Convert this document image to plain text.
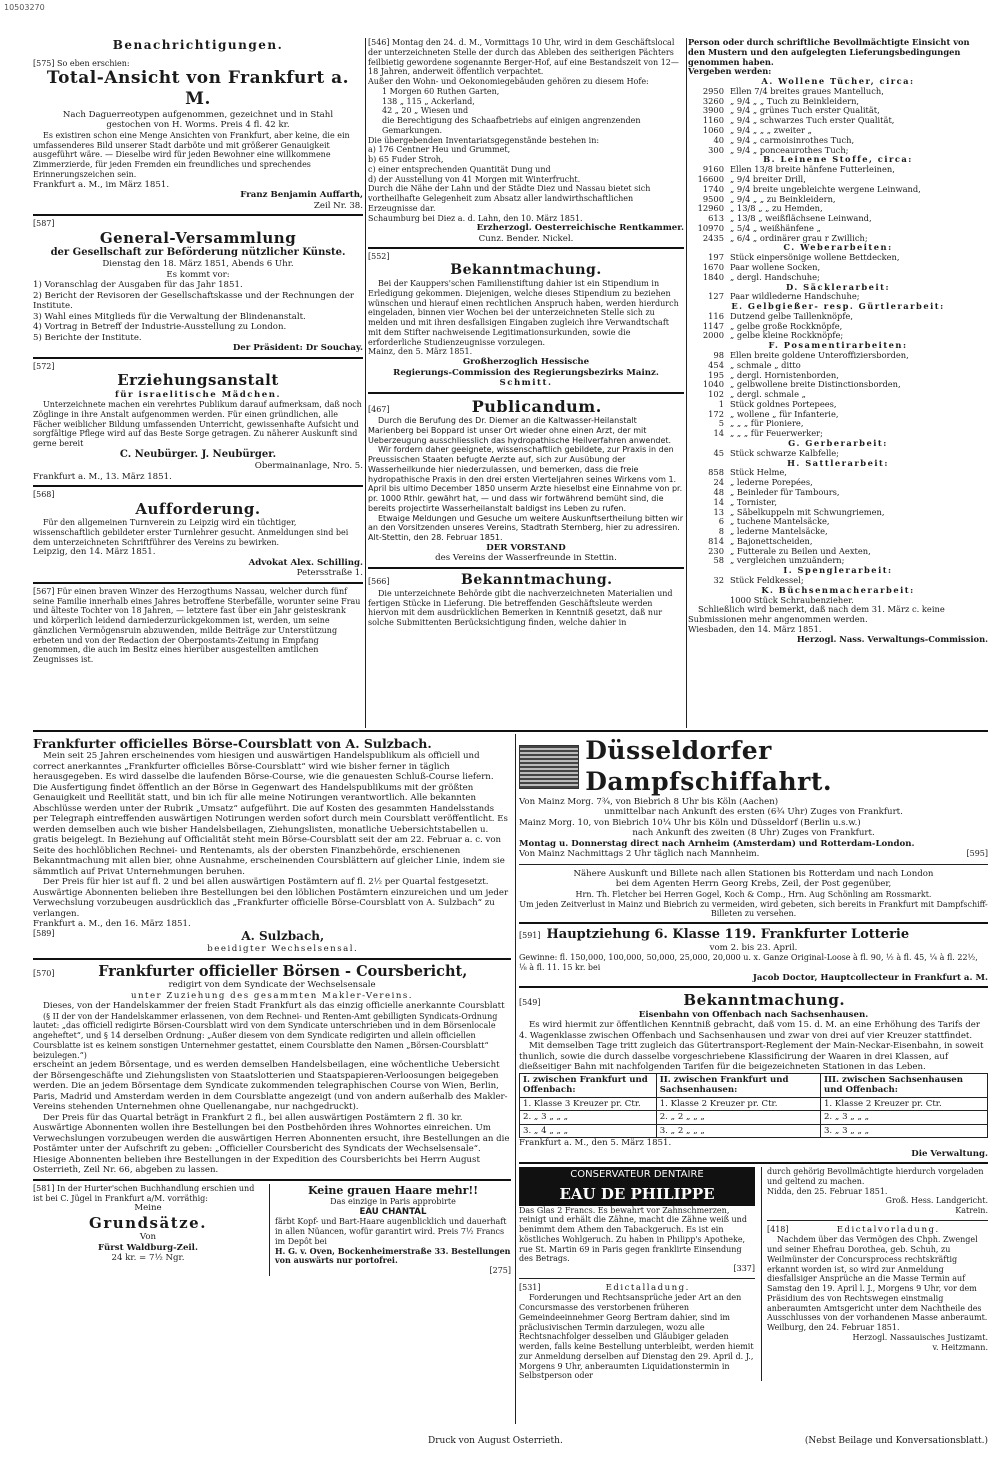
10503270
Benachrichtigungen.
[575] So eben erschien:
Total-Ansicht von Frankfurt a. M.
Nach Daguerreotypen aufgenommen, gezeichnet und in Stahl
gestochen von H. Worms. Preis 4 fl. 42 kr.
Es existiren schon eine Menge Ansichten von Frankfurt, aber keine, die ein umfassenderes Bild unserer Stadt darböte und mit größerer Genauigkeit ausgeführt wäre. — Dieselbe wird für jeden Bewohner eine willkommene Zimmerzierde, für jeden Fremden ein freundliches und sprechendes Erinnerungszeichen sein.
Frankfurt a. M., im März 1851.
Franz Benjamin Auffarth,
Zeil Nr. 38.
[587]
General-Versammlung
der Gesellschaft zur Beförderung nützlicher Künste.
Dienstag den 18. März 1851, Abends 6 Uhr.
Es kommt vor:
1) Voranschlag der Ausgaben für das Jahr 1851.
2) Bericht der Revisoren der Gesellschaftskasse und der Rechnungen der Institute.
3) Wahl eines Mitglieds für die Verwaltung der Blindenanstalt.
4) Vortrag in Betreff der Industrie-Ausstellung zu London.
5) Berichte der Institute.
Der Präsident: Dr Souchay.
[572]
Erziehungsanstalt
für israelitische Mädchen.
Unterzeichnete machen ein verehrtes Publikum darauf aufmerksam, daß noch Zöglinge in ihre Anstalt aufgenommen werden. Für einen gründlichen, alle Fächer weiblicher Bildung umfassenden Unterricht, gewissenhafte Aufsicht und sorgfältige Pflege wird auf das Beste Sorge getragen. Zu näherer Auskunft sind gerne bereit
C. Neubürger. J. Neubürger.
Obermainanlage, Nro. 5.
Frankfurt a. M., 13. März 1851.
[568]
Aufforderung.
Für den allgemeinen Turnverein zu Leipzig wird ein tüchtiger, wissenschaftlich gebildeter erster Turnlehrer gesucht. Anmeldungen sind bei dem unterzeichneten Schriftführer des Vereins zu bewirken.
Leipzig, den 14. März 1851.
Advokat Alex. Schilling.
Petersstraße 1.
[567] Für einen braven Winzer des Herzogthums Nassau, welcher durch fünf seine Familie innerhalb eines Jahres betroffene Sterbefälle, worunter seine Frau und älteste Tochter von 18 Jahren, — letztere fast über ein Jahr geisteskrank und körperlich leidend darniederzurückgekommen ist, werden, um seine gänzlichen Vermögensruin abzuwenden, milde Beiträge zur Unterstützung erbeten und von der Redaction der Oberpostamts-Zeitung in Empfang genommen, die auch im Besitz eines hierüber ausgestellten amtlichen Zeugnisses ist.
[546] Montag den 24. d. M., Vormittags 10 Uhr, wird in dem Geschäftslocal der unterzeichneten Stelle der durch das Ableben des seitherigen Pächters feilbietig gewordene sogenannte Berger-Hof, auf eine Bestandszeit von 12—18 Jahren, anderweit öffentlich verpachtet.
Außer den Wohn- und Oekonomiegebäuden gehören zu diesem Hofe:
1 Morgen 60 Ruthen Garten,
138 „ 115 „ Ackerland,
42 „ 20 „ Wiesen und
die Berechtigung des Schaafbetriebs auf einigen angrenzenden Gemarkungen.
Die übergebenden Inventariatsgegenstände bestehen in:
a) 176 Centner Heu und Grummet,
b) 65 Fuder Stroh,
c) einer entsprechenden Quantität Dung und
d) der Ausstellung von 41 Morgen mit Winterfrucht.
Durch die Nähe der Lahn und der Städte Diez und Nassau bietet sich vortheilhafte Gelegenheit zum Absatz aller landwirthschaftlichen Erzeugnisse dar.
Schaumburg bei Diez a. d. Lahn, den 10. März 1851.
Erzherzogl. Oesterreichische Rentkammer.
Cunz. Bender. Nickel.
[552]
Bekanntmachung.
Bei der Kauppers'schen Familienstiftung dahier ist ein Stipendium in Erledigung gekommen. Diejenigen, welche dieses Stipendium zu beziehen wünschen und hierauf einen rechtlichen Anspruch haben, werden hierdurch eingeladen, binnen vier Wochen bei der unterzeichneten Stelle sich zu melden und mit ihren desfallsigen Eingaben zugleich ihre Verwandtschaft mit dem Stifter nachweisende Legitimationsurkunden, sowie die erforderliche Studienzeugnisse vorzulegen.
Mainz, den 5. März 1851.
Großherzoglich Hessische
Regierungs-Commission des Regierungsbezirks Mainz.
Schmitt.
[467]	Publicandum.
Durch die Berufung des Dr. Diemer an die Kaltwasser-Heilanstalt Marienberg bei Boppard ist unser Ort wieder ohne einen Arzt, der mit Ueberzeugung ausschliesslich das hydropathische Heilverfahren anwendet.
Wir fordern daher geeignete, wissenschaftlich gebildete, zur Praxis in den Preussischen Staaten befugte Aerzte auf, sich zur Ausübung der Wasserheilkunde hier niederzulassen, und bemerken, dass die freie hydropathische Praxis in den drei ersten Vierteljahren seines Wirkens vom 1. April bis ultimo December 1850 unserm Arzte hieselbst eine Einnahme von pr. pr. 1000 Rthlr. gewährt hat, — und dass wir fortwährend bemüht sind, die bereits projectirte Wasserheilanstalt baldigst ins Leben zu rufen.
Etwaige Meldungen und Gesuche um weitere Auskunftsertheilung bitten wir an den Vorsitzenden unseres Vereins, Stadtrath Sternberg, hier zu adressiren.
Alt-Stettin, den 28. Februar 1851.
DER VORSTAND
des Vereins der Wasserfreunde in Stettin.
[566]	Bekanntmachung.
Die unterzeichnete Behörde gibt die nachverzeichneten Materialien und fertigen Stücke in Lieferung. Die betreffenden Geschäftsleute werden hiervon mit dem ausdrücklichen Bemerken in Kenntniß gesetzt, daß nur solche Submittenten Berücksichtigung finden, welche dahier in
Person oder durch schriftliche Bevollmächtigte Einsicht von den Mustern und den aufgelegten Lieferungsbedingungen genommen haben.
Vergeben werden:
A. Wollene Tücher, circa:
2950 Ellen 7/4 breites graues Mantelluch,
3260 „ 9/4 „ „ Tuch zu Beinkleidern,
3900 „ 9/4 „ grünes Tuch erster Qualität,
1160 „ 9/4 „ schwarzes Tuch erster Qualität,
1060 „ 9/4 „ „ „ zweiter „
40 „ 9/4 „ carmoisinrothes Tuch,
300 „ 9/4 „ ponceaurothes Tuch;
B. Leinene Stoffe, circa:
9160 Ellen 13/8 breite hänfene Futterleinen,
16600 „ 9/4 breiter Drill,
1740 „ 9/4 breite ungebleichte wergene Leinwand,
9500 „ 9/4 „ „ zu Beinkleidern,
12960 „ 13/8 „ „ zu Hemden,
613 „ 13/8 „ weißflächsene Leinwand,
10970 „ 5/4 „ weißhänfene „
2435 „ 6/4 „ ordinärer grau r Zwillich;
C. Weberarbeiten:
197 Stück einpersönige wollene Bettdecken,
1670 Paar wollene Socken,
1840 „ dergl. Handschuhe;
D. Säcklerarbeit:
127 Paar wildlederne Handschuhe;
E. Gelbgießer- resp. Gürtlerarbeit:
116 Dutzend gelbe Taillenknöpfe,
1147 „ gelbe große Rockknöpfe,
2000 „ gelbe kleine Rockknöpfe;
F. Posamentirarbeiten:
98 Ellen breite goldene Unteroffiziersborden,
454 „ schmale „ ditto
195 „ dergl. Hornistenborden,
1040 „ gelbwollene breite Distinctionsborden,
102 „ dergl. schmale „
1 Stück goldnes Portepees,
172 „ wollene „ für Infanterie,
5 „ „ „ für Pioniere,
14 „ „ „ für Feuerwerker;
G. Gerberarbeit:
45 Stück schwarze Kalbfelle;
H. Sattlerarbeit:
858 Stück Helme,
24 „ lederne Porepées,
48 „ Beinleder für Tambours,
14 „ Tornister,
13 „ Säbelkuppeln mit Schwungriemen,
6 „ tuchene Mantelsäcke,
8 „ lederne Mantelsäcke,
814 „ Bajonettscheiden,
230 „ Futterale zu Beilen und Aexten,
58 „ vergleichen umzuändern;
I. Spenglerarbeit:
32 Stück Feldkessel;
K. Büchsenmacherarbeit:
1000 Stück Schraubenzieher.
Schließlich wird bemerkt, daß nach dem 31. März c. keine Submissionen mehr angenommen werden.
Wiesbaden, den 14. März 1851.
Herzogl. Nass. Verwaltungs-Commission.
Frankfurter officielles Börse-Coursblatt von A. Sulzbach.
Mein seit 25 Jahren erscheinendes vom hiesigen und auswärtigen Handelspublikum als officiell und correct anerkanntes „Frankfurter officielles Börse-Coursblatt“ wird wie bisher ferner in täglich herausgegeben. Es wird dasselbe die laufenden Börse-Course, wie die genauesten Schluß-Course liefern. Die Ausfertigung findet öffentlich an der Börse in Gegenwart des Handelspublikums mit der größten Genauigkeit und Reellität statt, und bin ich für alle meine Notirungen verantwortlich. Alle bekannten Abschlüsse werden unter der Rubrik „Umsatz“ aufgeführt. Die auf Kosten des gesammten Handelsstands per Telegraph eintreffenden auswärtigen Notirungen werden sofort durch mein Coursblatt veröffentlicht. Es werden demselben auch wie bisher Handelsbeilagen, Ziehungslisten, monatliche Uebersichtstabellen u. gratis beigelegt. In Beziehung auf Officialität steht mein Börse-Coursblatt seit der am 22. Februar a. c. von Seite des hochlöblichen Rechnei- und Rentenamts, als der obersten Finanzbehörde, erschienenen Bekanntmachung mit allen bier, ohne Ausnahme, erscheinenden Coursblättern auf gleicher Linie, indem sie sämmtlich auf Privat Unternehmungen beruhen.
Der Preis für hier ist auf fl. 2 und bei allen auswärtigen Postämtern auf fl. 2½ per Quartal festgesetzt. Auswärtige Abonnenten belieben ihre Bestellungen bei den löblichen Postämtern einzureichen und um jeder Verwechslung vorzubeugen ausdrücklich das „Frankfurter officielle Börse-Coursblatt von A. Sulzbach“ zu verlangen.
Frankfurt a. M., den 16. März 1851.
[589]	A. Sulzbach,
beeidigter Wechselsensal.
[570]	Frankfurter officieller Börsen - Coursbericht,
redigirt von dem Syndicate der Wechselsensale
unter Zuziehung des gesammten Makler-Vereins.
Dieses, von der Handelskammer der freien Stadt Frankfurt als das einzig officielle anerkannte Coursblatt
(§ II der von der Handelskammer erlassenen, von dem Rechnei- und Renten-Amt gebilligten Syndicats-Ordnung lautet: „das officiell redigirte Börsen-Coursblatt wird von dem Syndicate unterschrieben und in dem Börsenlocale angeheftet“, und § 14 derselben Ordnung: „Außer diesem von dem Syndicate redigirten und allein officiellen Coursblatte ist es keinem sonstigen Unternehmer gestattet, einem Coursblatte den Namen „Börsen-Coursblatt“ beizulegen.“)
erscheint an jedem Börsentage, und es werden demselben Handelsbeilagen, eine wöchentliche Uebersicht der Börsengeschäfte und Ziehungslisten von Staatslotterien und Staatspapieren-Verloosungen beigegeben werden. Die an jedem Börsentage dem Syndicate zukommenden telegraphischen Course von Wien, Berlin, Paris, Madrid und Amsterdam werden in dem Coursblatte angezeigt (und von andern außerhalb des Makler-Vereins stehenden Unternehmen ohne Quellenangabe, nur nachgedruckt).
Der Preis für das Quartal beträgt in Frankfurt 2 fl., bei allen auswärtigen Postämtern 2 fl. 30 kr. Auswärtige Abonnenten wollen ihre Bestellungen bei den Postbehörden ihres Wohnortes einreichen. Um Verwechslungen vorzubeugen werden die auswärtigen Herren Abonnenten ersucht, ihre Bestellungen an die Postämter unter der Aufschrift zu geben: „Officieller Coursbericht des Syndicats der Wechselsensale“. Hiesige Abonnenten belieben ihre Bestellungen in der Expedition des Coursberichts bei Herrn August Osterrieth, Zeil Nr. 66, abgeben zu lassen.
[581] In der Hurter'schen Buchhandlung erschien und ist bei C. Jügel in Frankfurt a/M. vorräthig:
Meine
Grundsätze.
Von
Fürst Waldburg-Zeil.
24 kr. = 7½ Ngr.
Keine grauen Haare mehr!!
Das einzige in Paris approbirte
EAU CHANTAL
färbt Kopf- und Bart-Haare augenblicklich und dauerhaft in allen Nüancen, wofür garantirt wird. Preis 7½ Francs im Depôt bei
H. G. v. Oven, Bockenheimerstraße 33. Bestellungen von auswärts nur portofrei.
[275]
Düsseldorfer Dampfschiffahrt.
Von Mainz Morg. 7¾, von Biebrich 8 Uhr bis Köln (Aachen)
unmittelbar nach Ankunft des ersten (6¾ Uhr) Zuges von Frankfurt.
Mainz Morg. 10, von Biebrich 10¼ Uhr bis Köln und Düsseldorf (Berlin u.s.w.)
nach Ankunft des zweiten (8 Uhr) Zuges von Frankfurt.
Montag u. Donnerstag direct nach Arnheim (Amsterdam) und Rotterdam-London.
Von Mainz Nachmittags 2 Uhr täglich nach Mannheim.	[595]
Nähere Auskunft und Billete nach allen Stationen bis Rotterdam und nach London
bei dem Agenten Herrn Georg Krebs, Zeil, der Post gegenüber,
Hrn. Th. Fletcher bei Herren Gogel, Koch & Comp., Hrn. Aug Schönling am Rossmarkt.
Um jeden Zeitverlust in Mainz und Biebrich zu vermeiden, wird gebeten, sich bereits in Frankfurt mit Dampfschiff-Billeten zu versehen.
[591] Hauptziehung 6. Klasse 119. Frankfurter Lotterie
vom 2. bis 23. April.
Gewinne: fl. 150,000, 100,000, 50,000, 25,000, 20,000 u. x. Ganze Original-Loose à fl. 90, ½ à fl. 45, ¼ à fl. 22½, ⅛ à fl. 11. 15 kr. bei
Jacob Doctor, Hauptcollecteur in Frankfurt a. M.
[549]	Bekanntmachung.
Eisenbahn von Offenbach nach Sachsenhausen.
Es wird hiermit zur öffentlichen Kenntniß gebracht, daß vom 15. d. M. an eine Erhöhung des Tarifs der 4. Wagenklasse zwischen Offenbach und Sachsenhausen und zwar von drei auf vier Kreuzer stattfindet.
Mit demselben Tage tritt zugleich das Gütertransport-Reglement der Main-Neckar-Eisenbahn, in soweit thunlich, sowie die durch dasselbe vorgeschriebene Klassificirung der Waaren in drei Klassen, auf dießseitiger Bahn mit nachfolgenden Tarifen für die beigezeichneten Stationen in das Leben.
I. zwischen Frankfurt und Offenbach:	II. zwischen Frankfurt und Sachsenhausen:	III. zwischen Sachsenhausen und Offenbach:
1. Klasse 3 Kreuzer pr. Ctr.	1. Klasse 2 Kreuzer pr. Ctr.	1. Klasse 2 Kreuzer pr. Ctr.
2. „ 3 „ „ „	2. „ 2 „ „ „	2. „ 3 „ „ „
3. „ 4 „ „ „	3. „ 2 „ „ „	3. „ 3 „ „ „
Frankfurt a. M., den 5. März 1851.
Die Verwaltung.
CONSERVATEUR DENTAIRE
EAU DE PHILIPPE
Das Glas 2 Francs. Es bewahrt vor Zahnschmerzen, reinigt und erhält die Zähne, macht die Zähne weiß und benimmt dem Athem den Tabackgeruch. Es ist ein köstliches Wohlgeruch. Zu haben in Philipp's Apotheke, rue St. Martin 69 in Paris gegen franklirte Einsendung des Betrags.
[337]
[531]	Edictalladung.
Forderungen und Rechtsansprüche jeder Art an den Concursmasse des verstorbenen früheren Gemeindeeinnehmer Georg Bertram dahier, sind im präclusivischen Termin darzulegen, wozu alle Rechtsnachfolger desselben und Gläubiger geladen werden, falls keine Bestellung unterbleibt, werden hiemit zur Anmeldung derselben auf Dienstag den 29. April d. J., Morgens 9 Uhr, anberaumten Liquidationstermin in Selbstperson oder
durch gehörig Bevollmächtigte hierdurch vorgeladen und geltend zu machen.
Nidda, den 25. Februar 1851.
Groß. Hess. Landgericht.
Katrein.
[418]	Edictalvorladung.
Nachdem über das Vermögen des Chph. Zwengel und seiner Ehefrau Dorothea, geb. Schuh, zu Weilmünster der Concursprocess rechtskräftig erkannt worden ist, so wird zur Anmeldung diesfallsiger Ansprüche an die Masse Termin auf Samstag den 19. April l. J., Morgens 9 Uhr, vor dem Präsidium des von Rechtswegen einstmalig anberaumten Amtsgericht unter dem Nachtheile des Ausschlusses von der vorhandenen Masse anberaumt.
Weilburg, den 24. Februar 1851.
Herzogl. Nassauisches Justizamt.
v. Heitzmann.
Druck von August Osterrieth.	(Nebst Beilage und Konversationsblatt.)
